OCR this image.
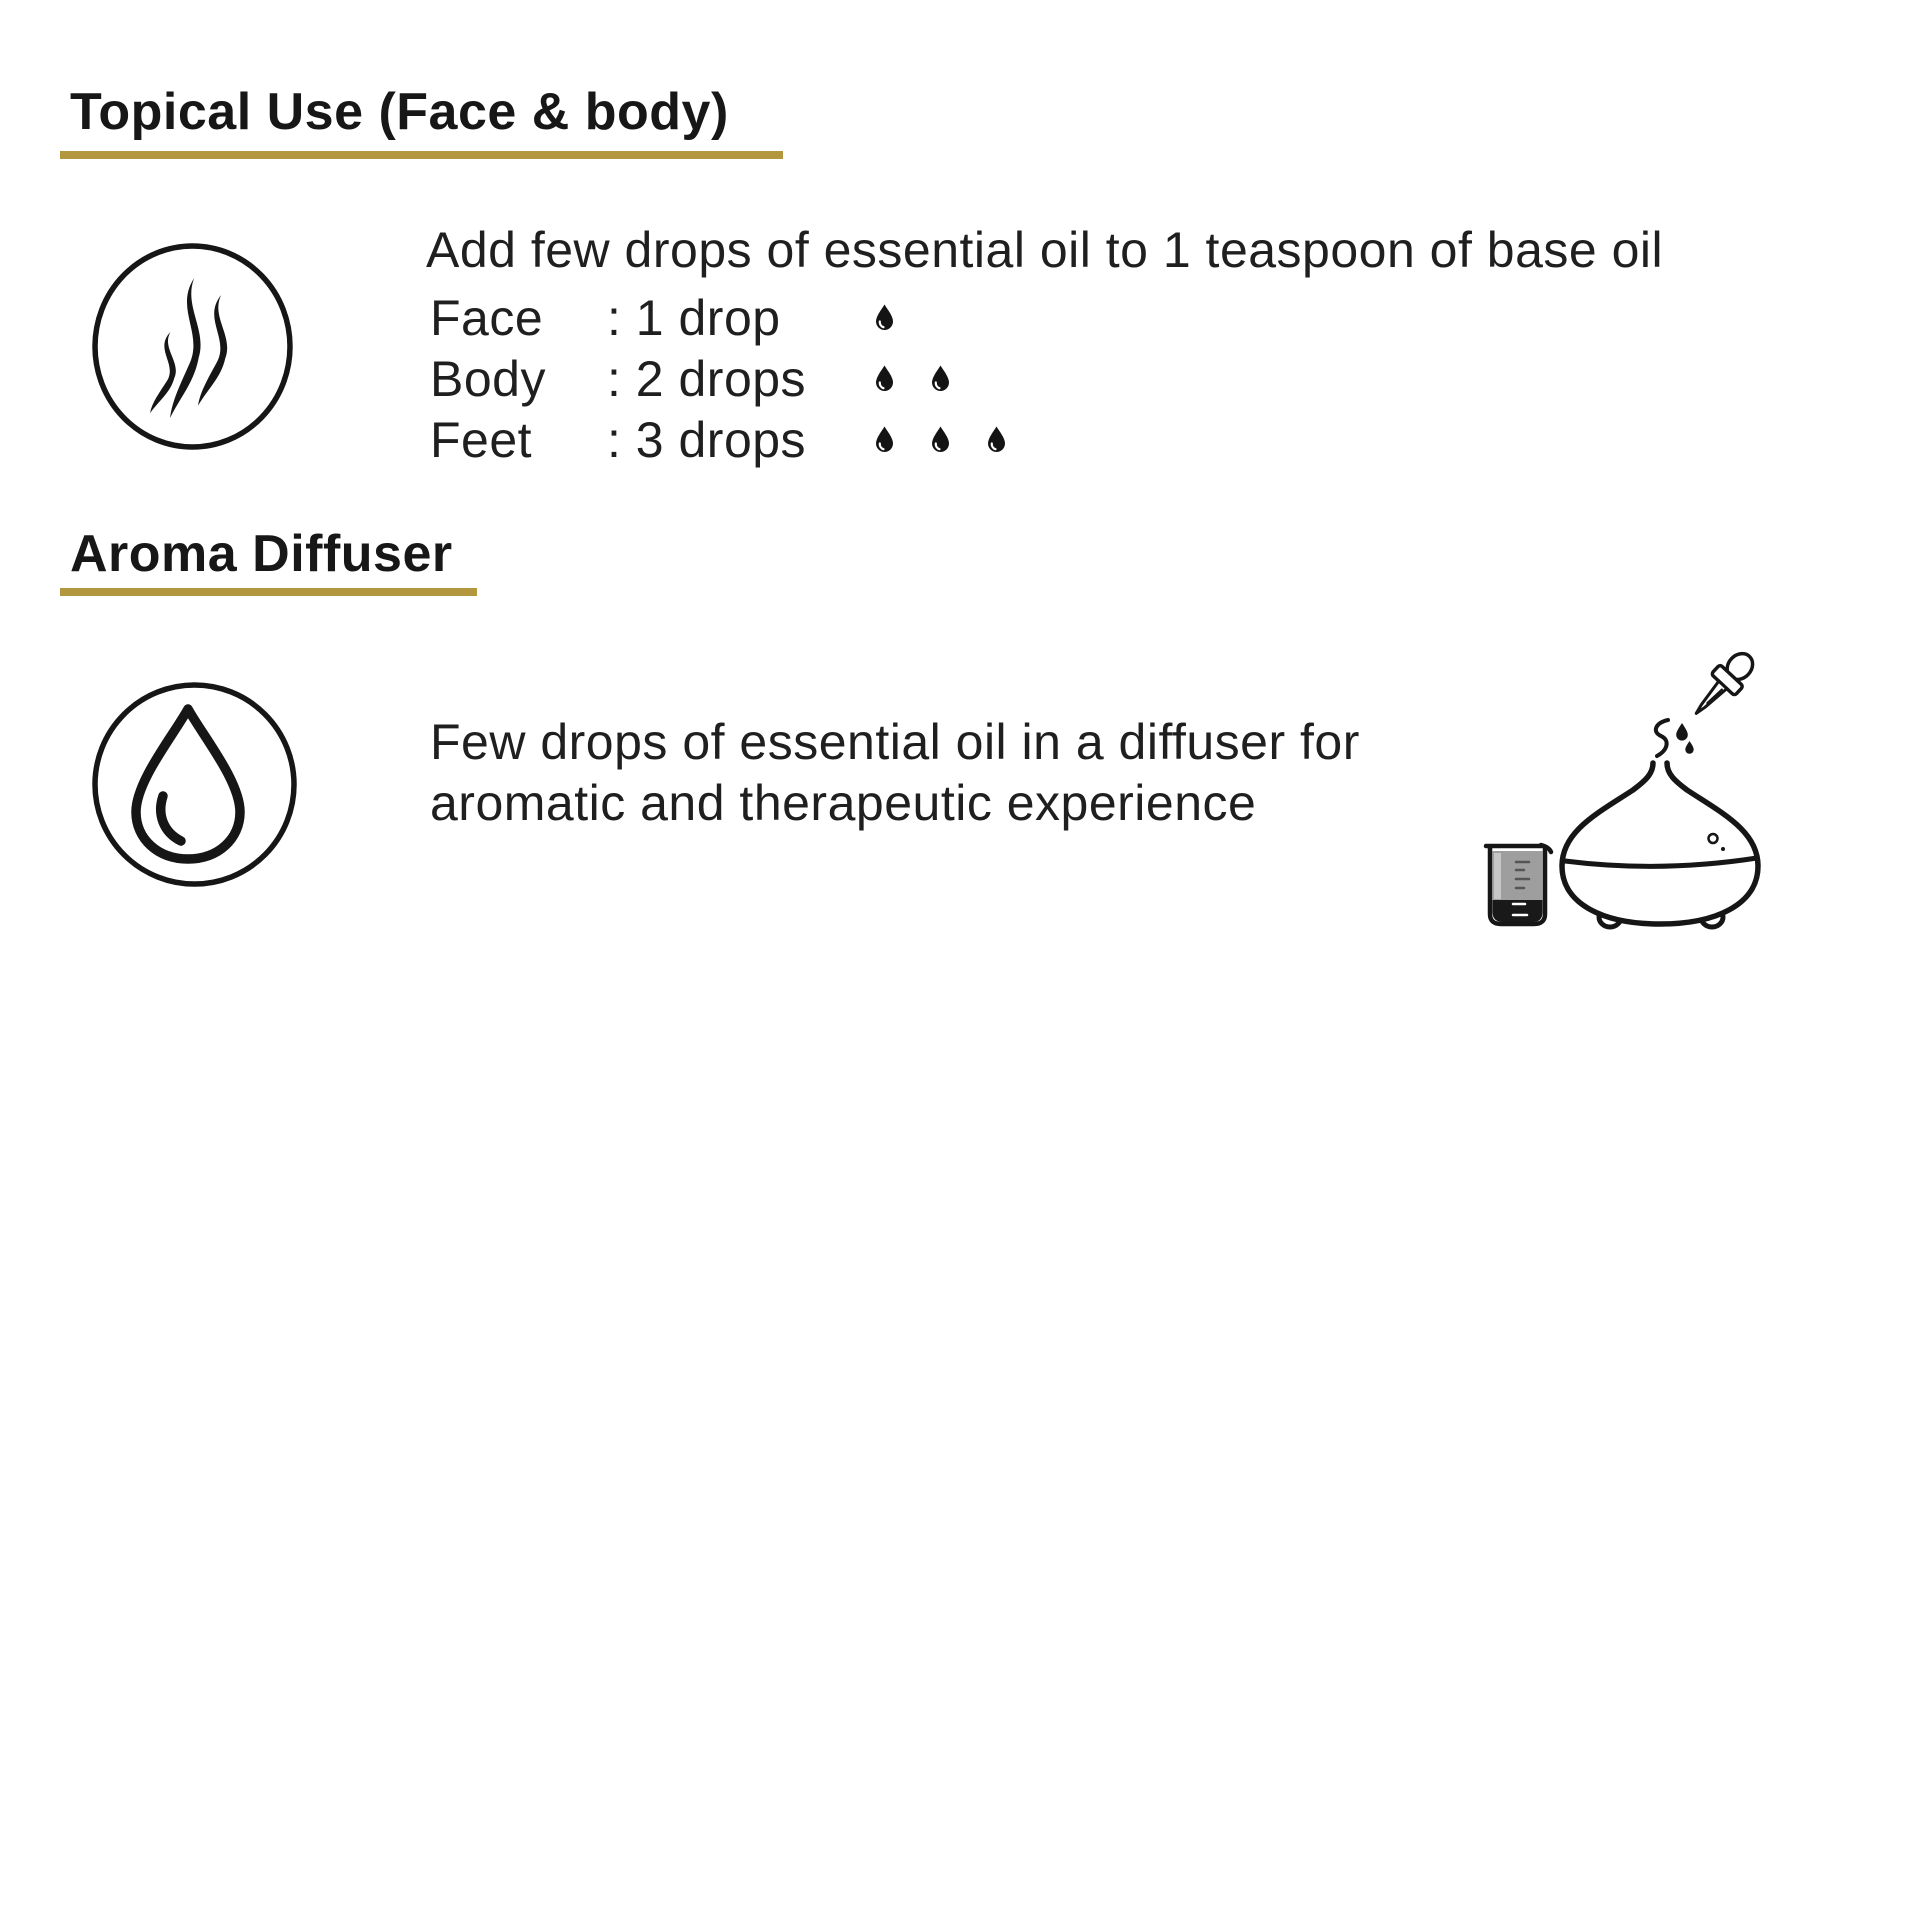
Topical Use (Face & body)
Add few drops of essential oil to 1 teaspoon of base oil
Face	: 1 drop
Body	: 2 drops
Feet	: 3 drops
Aroma Diffuser
Few drops of essential oil in a diffuser for
aromatic and therapeutic experience
